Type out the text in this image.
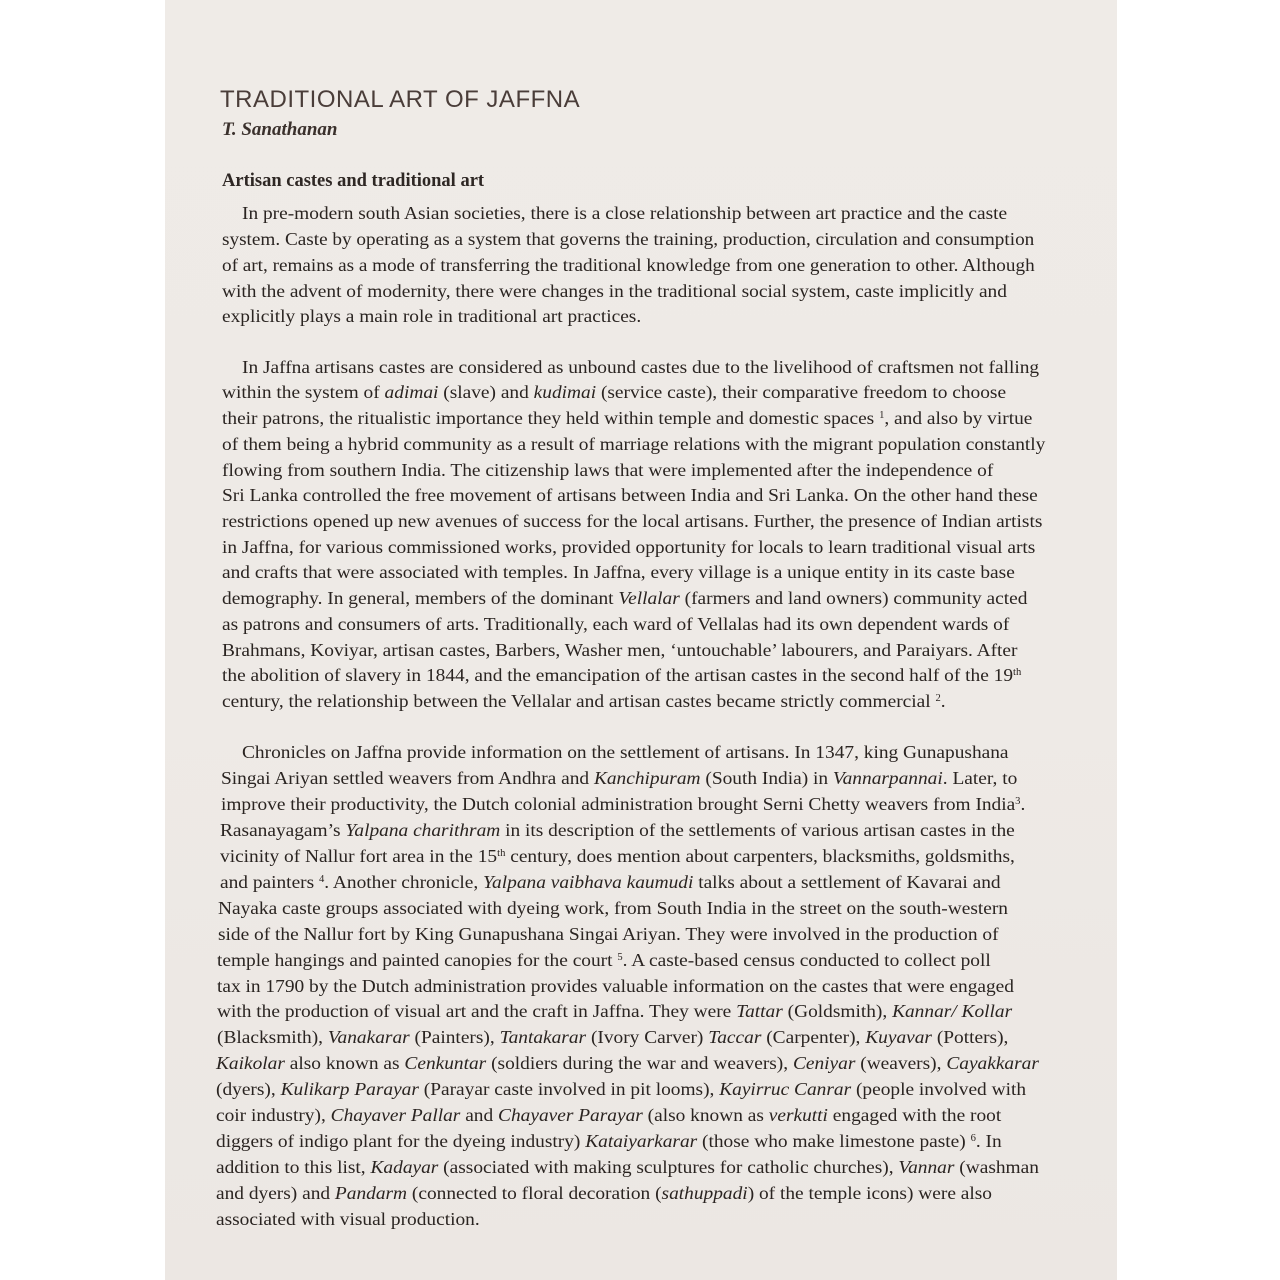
TRADITIONAL ART OF JAFFNA
T. Sanathanan
Artisan castes and traditional art
In pre-modern south Asian societies, there is a close relationship between art practice and the caste
system. Caste by operating as a system that governs the training, production, circulation and consumption
of art, remains as a mode of transferring the traditional knowledge from one generation to other. Although
with the advent of modernity, there were changes in the traditional social system, caste implicitly and
explicitly plays a main role in traditional art practices.
In Jaffna artisans castes are considered as unbound castes due to the livelihood of craftsmen not falling
within the system of adimai (slave) and kudimai (service caste), their comparative freedom to choose
their patrons, the ritualistic importance they held within temple and domestic spaces $^1$, and also by virtue
of them being a hybrid community as a result of marriage relations with the migrant population constantly
flowing from southern India. The citizenship laws that were implemented after the independence of
Sri Lanka controlled the free movement of artisans between India and Sri Lanka. On the other hand these
restrictions opened up new avenues of success for the local artisans. Further, the presence of Indian artists
in Jaffna, for various commissioned works, provided opportunity for locals to learn traditional visual arts
and crafts that were associated with temples. In Jaffna, every village is a unique entity in its caste base
demography. In general, members of the dominant Vellalar (farmers and land owners) community acted
as patrons and consumers of arts. Traditionally, each ward of Vellalas had its own dependent wards of
Brahmans, Koviyar, artisan castes, Barbers, Washer men, ‘untouchable’ labourers, and Paraiyars. After
the abolition of slavery in 1844, and the emancipation of the artisan castes in the second half of the 19th
century, the relationship between the Vellalar and artisan castes became strictly commercial $^2$.
Chronicles on Jaffna provide information on the settlement of artisans. In 1347, king Gunapushana
Singai Ariyan settled weavers from Andhra and Kanchipuram (South India) in Vannarpannai. Later, to
improve their productivity, the Dutch colonial administration brought Serni Chetty weavers from India$^3$.
Rasanayagam’s Yalpana charithram in its description of the settlements of various artisan castes in the
vicinity of Nallur fort area in the 15th century, does mention about carpenters, blacksmiths, goldsmiths,
and painters $^4$. Another chronicle, Yalpana vaibhava kaumudi talks about a settlement of Kavarai and
Nayaka caste groups associated with dyeing work, from South India in the street on the south-western
side of the Nallur fort by King Gunapushana Singai Ariyan. They were involved in the production of
temple hangings and painted canopies for the court $^5$. A caste-based census conducted to collect poll
tax in 1790 by the Dutch administration provides valuable information on the castes that were engaged
with the production of visual art and the craft in Jaffna. They were Tattar (Goldsmith), Kannar/ Kollar
(Blacksmith), Vanakarar (Painters), Tantakarar (Ivory Carver) Taccar (Carpenter), Kuyavar (Potters),
Kaikolar also known as Cenkuntar (soldiers during the war and weavers), Ceniyar (weavers), Cayakkarar
(dyers), Kulikarp Parayar (Parayar caste involved in pit looms), Kayirruc Canrar (people involved with
coir industry), Chayaver Pallar and Chayaver Parayar (also known as verkutti engaged with the root
diggers of indigo plant for the dyeing industry) Kataiyarkarar (those who make limestone paste) $^6$. In
addition to this list, Kadayar (associated with making sculptures for catholic churches), Vannar (washman
and dyers) and Pandarm (connected to floral decoration (sathuppadi) of the temple icons) were also
associated with visual production.
